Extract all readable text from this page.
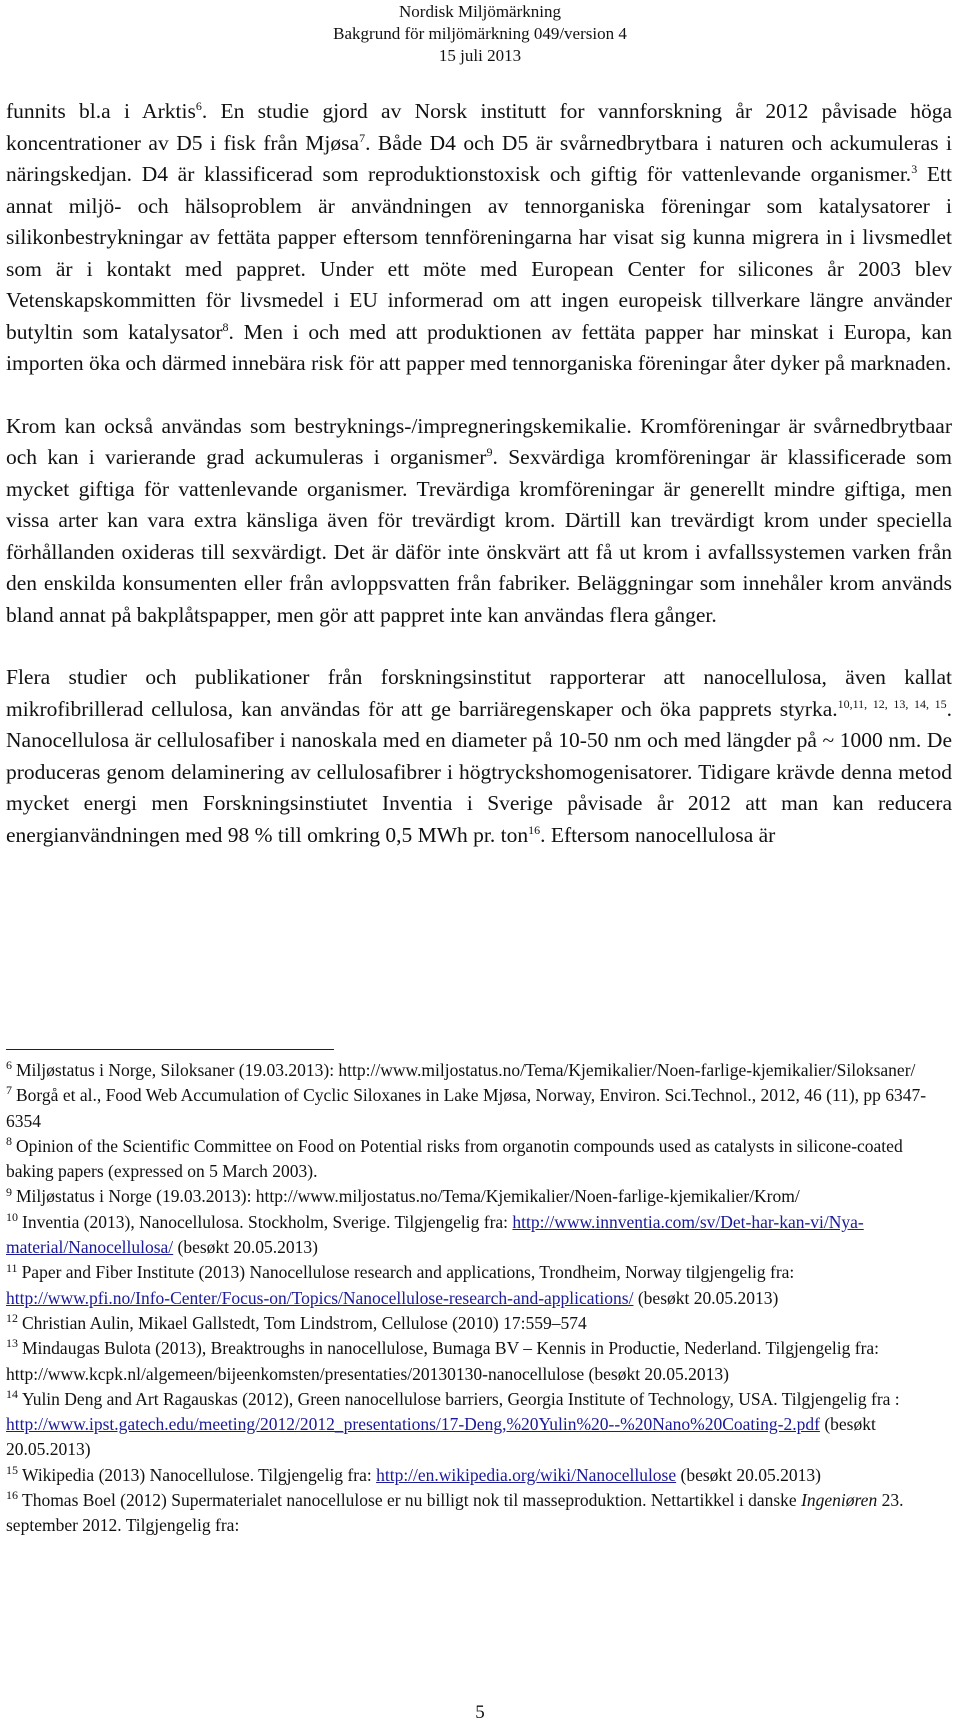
Nordisk Miljömärkning
Bakgrund för miljömärkning 049/version 4
15 juli 2013

funnits bl.a i Arktis$^6$. En studie gjord av Norsk institutt for vannforskning år 2012 påvisade höga koncentrationer av D5 i fisk från Mjøsa$^7$. Både D4 och D5 är svårnedbrytbara i naturen och ackumuleras i näringskedjan. D4 är klassificerad som reproduktionstoxisk och giftig för vattenlevande organismer.$^3$ Ett annat miljö- och hälsoproblem är användningen av tennorganiska föreningar som katalysatorer i silikonbestrykningar av fettäta papper eftersom tennföreningarna har visat sig kunna migrera in i livsmedlet som är i kontakt med pappret. Under ett möte med European Center for silicones år 2003 blev Vetenskapskommitten för livsmedel i EU informerad om att ingen europeisk tillverkare längre använder butyltin som katalysator$^8$. Men i och med att produktionen av fettäta papper har minskat i Europa, kan importen öka och därmed innebära risk för att papper med tennorganiska föreningar åter dyker på marknaden.

Krom kan också användas som bestryknings-/impregneringskemikalie. Kromföreningar är svårnedbrytbaar och kan i varierande grad ackumuleras i organismer$^9$. Sexvärdiga kromföreningar är klassificerade som mycket giftiga för vattenlevande organismer. Trevärdiga kromföreningar är generellt mindre giftiga, men vissa arter kan vara extra känsliga även för trevärdigt krom. Därtill kan trevärdigt krom under speciella förhållanden oxideras till sexvärdigt. Det är däför inte önskvärt att få ut krom i avfallssystemen varken från den enskilda konsumenten eller från avloppsvatten från fabriker. Beläggningar som innehåler krom används bland annat på bakplåtspapper, men gör att pappret inte kan användas flera gånger.

Flera studier och publikationer från forskningsinstitut rapporterar att nanocellulosa, även kallat mikrofibrillerad cellulosa, kan användas för att ge barriäregenskaper och öka papprets styrka.$^{10,11, 12, 13, 14, 15}$. Nanocellulosa är cellulosafiber i nanoskala med en diameter på 10-50 nm och med längder på ~ 1000 nm. De produceras genom delaminering av cellulosafibrer i högtryckshomogenisatorer. Tidigare krävde denna metod mycket energi men Forskningsinstiutet Inventia i Sverige påvisade år 2012 att man kan reducera energianvändningen med 98 % till omkring 0,5 MWh pr. ton$^{16}$. Eftersom nanocellulosa är

$^6$ Miljøstatus i Norge, Siloksaner (19.03.2013): http://www.miljostatus.no/Tema/Kjemikalier/Noen-farlige-kjemikalier/Siloksaner/
$^7$ Borgå et al., Food Web Accumulation of Cyclic Siloxanes in Lake Mjøsa, Norway, Environ. Sci.Technol., 2012, 46 (11), pp 6347-6354
$^8$ Opinion of the Scientific Committee on Food on Potential risks from organotin compounds used as catalysts in silicone-coated baking papers (expressed on 5 March 2003).
$^9$ Miljøstatus i Norge (19.03.2013): http://www.miljostatus.no/Tema/Kjemikalier/Noen-farlige-kjemikalier/Krom/
$^{10}$ Inventia (2013), Nanocellulosa. Stockholm, Sverige. Tilgjengelig fra: http://www.innventia.com/sv/Det-har-kan-vi/Nya-material/Nanocellulosa/ (besøkt 20.05.2013)
$^{11}$ Paper and Fiber Institute (2013) Nanocellulose research and applications, Trondheim, Norway tilgjengelig fra: http://www.pfi.no/Info-Center/Focus-on/Topics/Nanocellulose-research-and-applications/ (besøkt 20.05.2013)
$^{12}$ Christian Aulin, Mikael Gallstedt, Tom Lindstrom, Cellulose (2010) 17:559–574
$^{13}$ Mindaugas Bulota (2013), Breaktroughs in nanocellulose, Bumaga BV – Kennis in Productie, Nederland. Tilgjengelig fra: http://www.kcpk.nl/algemeen/bijeenkomsten/presentaties/20130130-nanocellulose (besøkt 20.05.2013)
$^{14}$ Yulin Deng and Art Ragauskas (2012), Green nanocellulose barriers, Georgia Institute of Technology, USA. Tilgjengelig fra : http://www.ipst.gatech.edu/meeting/2012/2012_presentations/17-Deng,%20Yulin%20--%20Nano%20Coating-2.pdf (besøkt 20.05.2013)
$^{15}$ Wikipedia (2013) Nanocellulose. Tilgjengelig fra: http://en.wikipedia.org/wiki/Nanocellulose (besøkt 20.05.2013)
$^{16}$ Thomas Boel (2012) Supermaterialet nanocellulose er nu billigt nok til masseproduktion. Nettartikkel i danske Ingeniøren 23. september 2012. Tilgjengelig fra:
5
